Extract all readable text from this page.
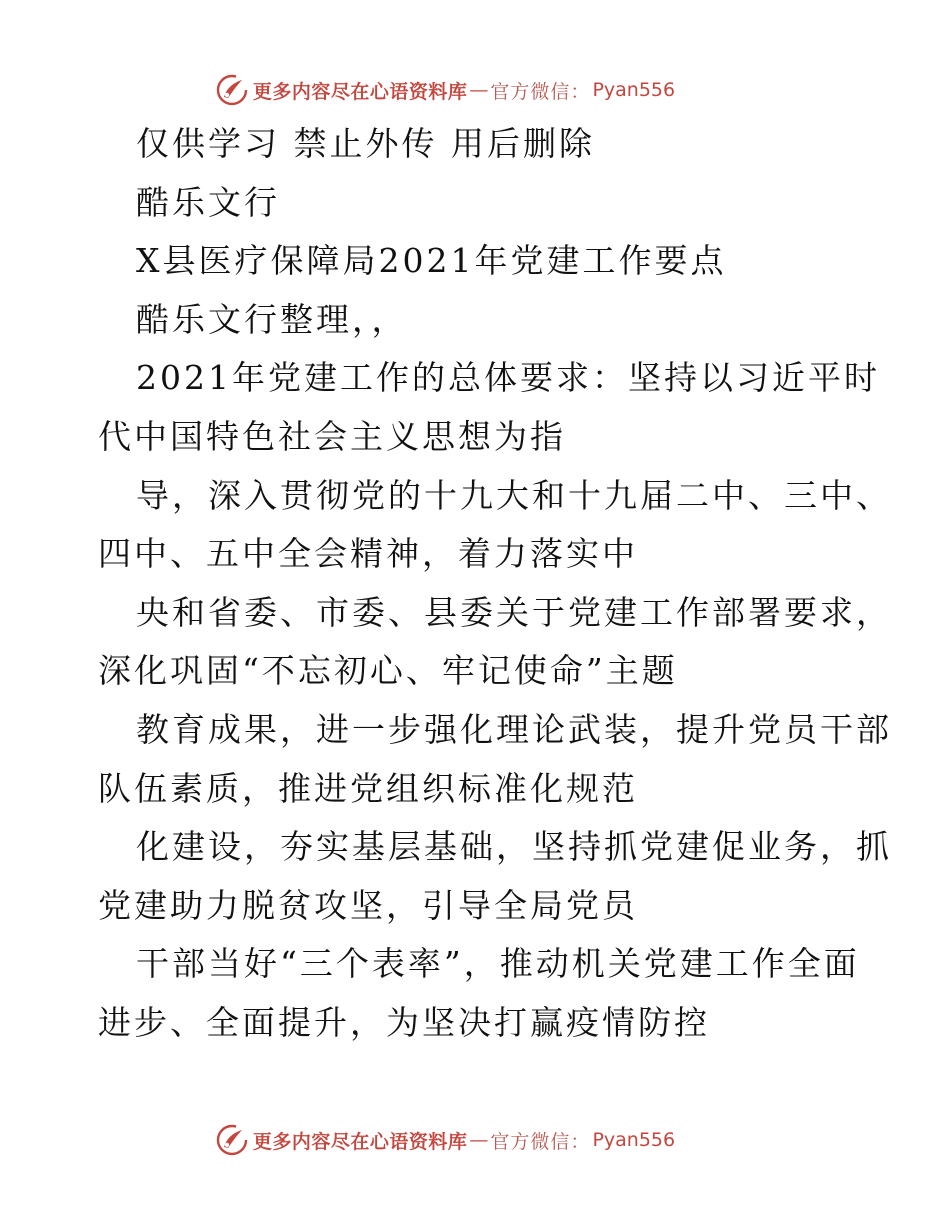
更多内容尽在心语资料库 — 官方微信： Pyan556
仅供学习 禁止外传 用后删除
酷乐文行
X县医疗保障局2021年党建工作要点
酷乐文行整理，，
2021年党建工作的总体要求：坚持以习近平时
代中国特色社会主义思想为指
导，深入贯彻党的十九大和十九届二中、三中、
四中、五中全会精神，着力落实中
央和省委、市委、县委关于党建工作部署要求，
深化巩固“不忘初心、牢记使命”主题
教育成果，进一步强化理论武装，提升党员干部
队伍素质，推进党组织标准化规范
化建设，夯实基层基础，坚持抓党建促业务，抓
党建助力脱贫攻坚，引导全局党员
干部当好“三个表率”，推动机关党建工作全面
进步、全面提升，为坚决打赢疫情防控
更多内容尽在心语资料库 — 官方微信： Pyan556
